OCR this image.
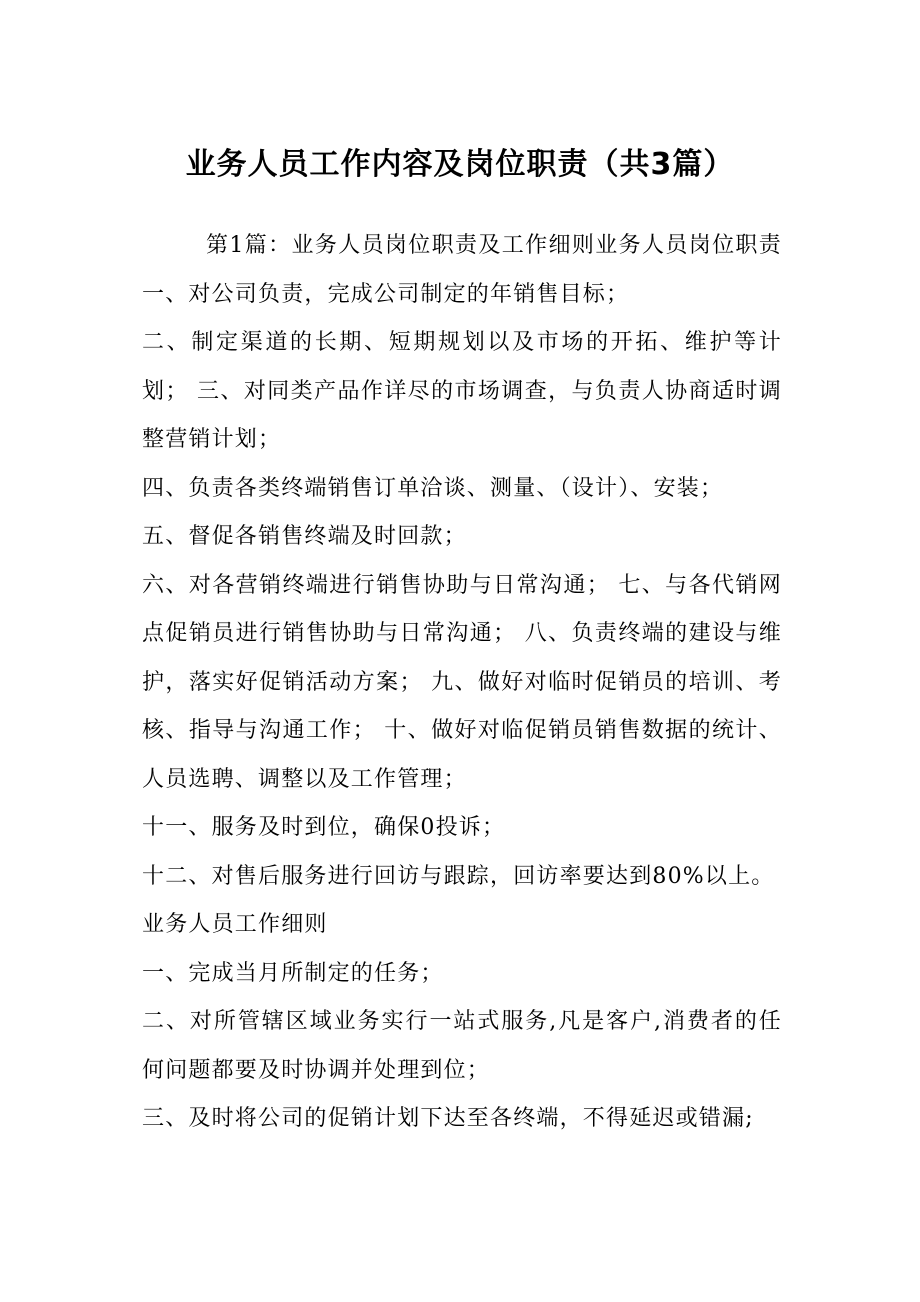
业务人员工作内容及岗位职责（共3篇）

第1篇：业务人员岗位职责及工作细则业务人员岗位职责一、对公司负责，完成公司制定的年销售目标；

二、制定渠道的长期、短期规划以及市场的开拓、维护等计划； 三、对同类产品作详尽的市场调查，与负责人协商适时调整营销计划；

四、负责各类终端销售订单洽谈、测量、（设计）、安装；

五、督促各销售终端及时回款；

六、对各营销终端进行销售协助与日常沟通； 七、与各代销网点促销员进行销售协助与日常沟通； 八、负责终端的建设与维护，落实好促销活动方案； 九、做好对临时促销员的培训、考核、指导与沟通工作； 十、做好对临促销员销售数据的统计、人员选聘、调整以及工作管理；

十一、服务及时到位，确保0投诉；

十二、对售后服务进行回访与跟踪，回访率要达到80%以上。

业务人员工作细则

一、完成当月所制定的任务；

二、对所管辖区域业务实行一站式服务,凡是客户,消费者的任何问题都要及时协调并处理到位；

三、及时将公司的促销计划下达至各终端，不得延迟或错漏;
